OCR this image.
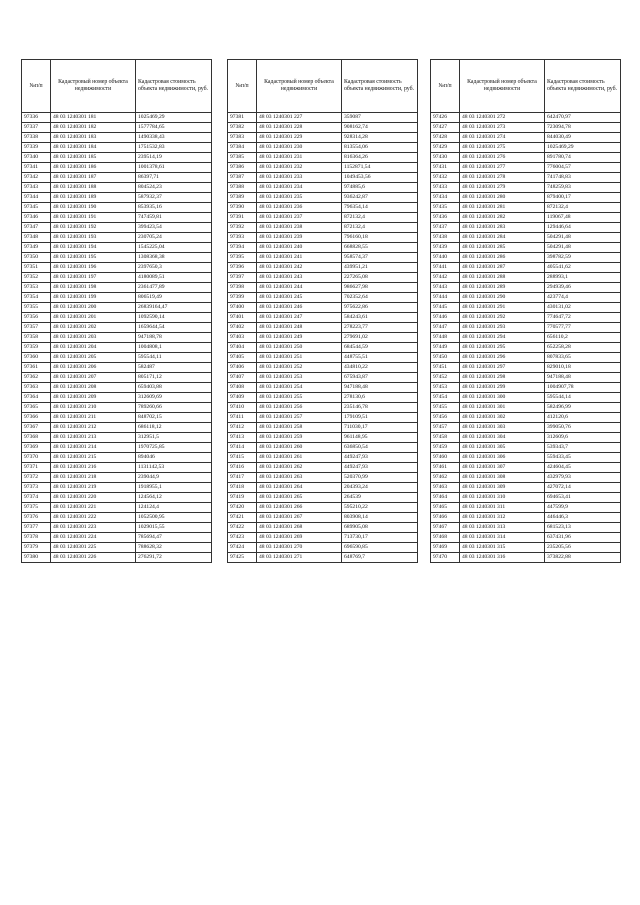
№п/п	Кадастровый номер объекта недвижимости	Кадастровая стоимость объекта недвижимости, руб.
97336	48 03 1240301 181	1025469,29
97337	48 03 1240301 182	1577784,65
97338	48 03 1240301 183	1490338,43
97339	48 03 1240301 184	1751532,83
97340	48 03 1240301 185	239514,19
97341	48 03 1240301 186	1001378,61
97342	48 03 1240301 187	86397,71
97343	48 03 1240301 188	804524,23
97344	48 03 1240301 189	587932,37
97345	48 03 1240301 190	853935,16
97346	48 03 1240301 191	747459,81
97347	48 03 1240301 192	399423,54
97348	48 03 1240301 193	230705,24
97349	48 03 1240301 194	1545225,04
97350	48 03 1240301 195	1308368,38
97351	48 03 1240301 196	2397650,3
97352	48 03 1240301 197	4180089,51
97353	48 03 1240301 198	2361477,89
97354	48 03 1240301 199	806519,49
97355	48 03 1240301 200	26839164,47
97356	48 03 1240301 201	1092590,14
97357	48 03 1240301 202	1659644,54
97358	48 03 1240301 203	947188,78
97359	48 03 1240301 204	1004808,1
97360	48 03 1240301 205	595544,11
97361	48 03 1240301 206	582487
97362	48 03 1240301 207	805171,12
97363	48 03 1240301 208	659403,88
97364	48 03 1240301 209	312609,69
97365	48 03 1240301 210	789260,66
97366	48 03 1240301 211	848702,15
97367	48 03 1240301 212	686118,12
97368	48 03 1240301 213	312951,5
97369	48 03 1240301 214	1970725,85
97370	48 03 1240301 215	894046
97371	48 03 1240301 216	1131142,53
97372	48 03 1240301 218	239044,9
97373	48 03 1240301 219	1918955,1
97374	48 03 1240301 220	124564,12
97375	48 03 1240301 221	124124,4
97376	48 03 1240301 222	1052500,95
97377	48 03 1240301 223	1029015,55
97378	48 03 1240301 224	785694,47
97379	48 03 1240301 225	788628,32
97380	48 03 1240301 226	276291,72
№п/п	Кадастровый номер объекта недвижимости	Кадастровая стоимость объекта недвижимости, руб.
97381	48 03 1240301 227	359087
97382	48 03 1240301 228	908162,74
97383	48 03 1240301 229	928314,28
97384	48 03 1240301 230	813554,06
97385	48 03 1240301 231	816364,26
97386	48 03 1240301 232	1152871,54
97387	48 03 1240301 233	1049453,56
97388	48 03 1240301 234	974885,6
97389	48 03 1240301 235	936242,87
97390	48 03 1240301 236	796354,14
97391	48 03 1240301 237	872132,4
97392	48 03 1240301 238	872132,4
97393	48 03 1240301 239	796160,18
97394	48 03 1240301 240	668828,55
97395	48 03 1240301 241	958574,37
97396	48 03 1240301 242	439951,21
97397	48 03 1240301 243	227265,08
97398	48 03 1240301 244	986627,98
97399	48 03 1240301 245	702352,64
97400	48 03 1240301 246	975622,86
97401	48 03 1240301 247	584243,61
97402	48 03 1240301 248	278223,77
97403	48 03 1240301 249	279691,02
97404	48 03 1240301 250	684544,59
97405	48 03 1240301 251	448755,51
97406	48 03 1240301 252	434810,22
97407	48 03 1240301 253	675943,87
97408	48 03 1240301 254	947188,48
97409	48 03 1240301 255	278130,6
97410	48 03 1240301 256	235146,78
97411	48 03 1240301 257	179109,51
97412	48 03 1240301 258	711030,17
97413	48 03 1240301 259	961148,95
97414	48 03 1240301 260	636850,54
97415	48 03 1240301 261	449247,93
97416	48 03 1240301 262	449247,93
97417	48 03 1240301 263	520370,99
97418	48 03 1240301 264	204393,24
97419	48 03 1240301 265	264539
97420	48 03 1240301 266	595210,22
97421	48 03 1240301 267	803908,14
97422	48 03 1240301 268	689905,08
97423	48 03 1240301 269	713730,17
97424	48 03 1240301 270	696590,85
97425	48 03 1240301 271	648769,7
№п/п	Кадастровый номер объекта недвижимости	Кадастровая стоимость объекта недвижимости, руб.
97426	48 03 1240301 272	642470,97
97427	48 03 1240301 273	723094,78
97428	48 03 1240301 274	844030,49
97429	48 03 1240301 275	1025469,29
97430	48 03 1240301 276	891780,74
97431	48 03 1240301 277	776004,57
97432	48 03 1240301 278	741748,83
97433	48 03 1240301 279	748259,83
97434	48 03 1240301 280	879400,17
97435	48 03 1240301 281	872132,4
97436	48 03 1240301 282	119067,48
97437	48 03 1240301 283	129446,64
97438	48 03 1240301 284	504291,48
97439	48 03 1240301 285	504291,48
97440	48 03 1240301 286	398782,59
97441	48 03 1240301 287	405541,62
97442	48 03 1240301 288	288993,1
97443	48 03 1240301 289	294939,46
97444	48 03 1240301 290	423774,4
97445	48 03 1240301 291	430131,02
97446	48 03 1240301 292	774647,72
97447	48 03 1240301 293	770577,77
97448	48 03 1240301 294	656110,2
97449	48 03 1240301 295	652258,28
97450	48 03 1240301 296	807833,65
97451	48 03 1240301 297	829010,18
97452	48 03 1240301 298	947188,48
97453	48 03 1240301 299	1004907,78
97454	48 03 1240301 300	595544,14
97455	48 03 1240301 301	582496,99
97456	48 03 1240301 302	412120,6
97457	48 03 1240301 303	399050,76
97458	48 03 1240301 304	312609,6
97459	48 03 1240301 305	539343,7
97460	48 03 1240301 306	559433,45
97461	48 03 1240301 307	424604,45
97462	48 03 1240301 308	432979,93
97463	48 03 1240301 309	427072,14
97464	48 03 1240301 310	694653,41
97465	48 03 1240301 311	447599,9
97466	48 03 1240301 312	446446,3
97467	48 03 1240301 313	681523,13
97468	48 03 1240301 314	637431,96
97469	48 03 1240301 315	235205,56
97470	48 03 1240301 316	373822,88
